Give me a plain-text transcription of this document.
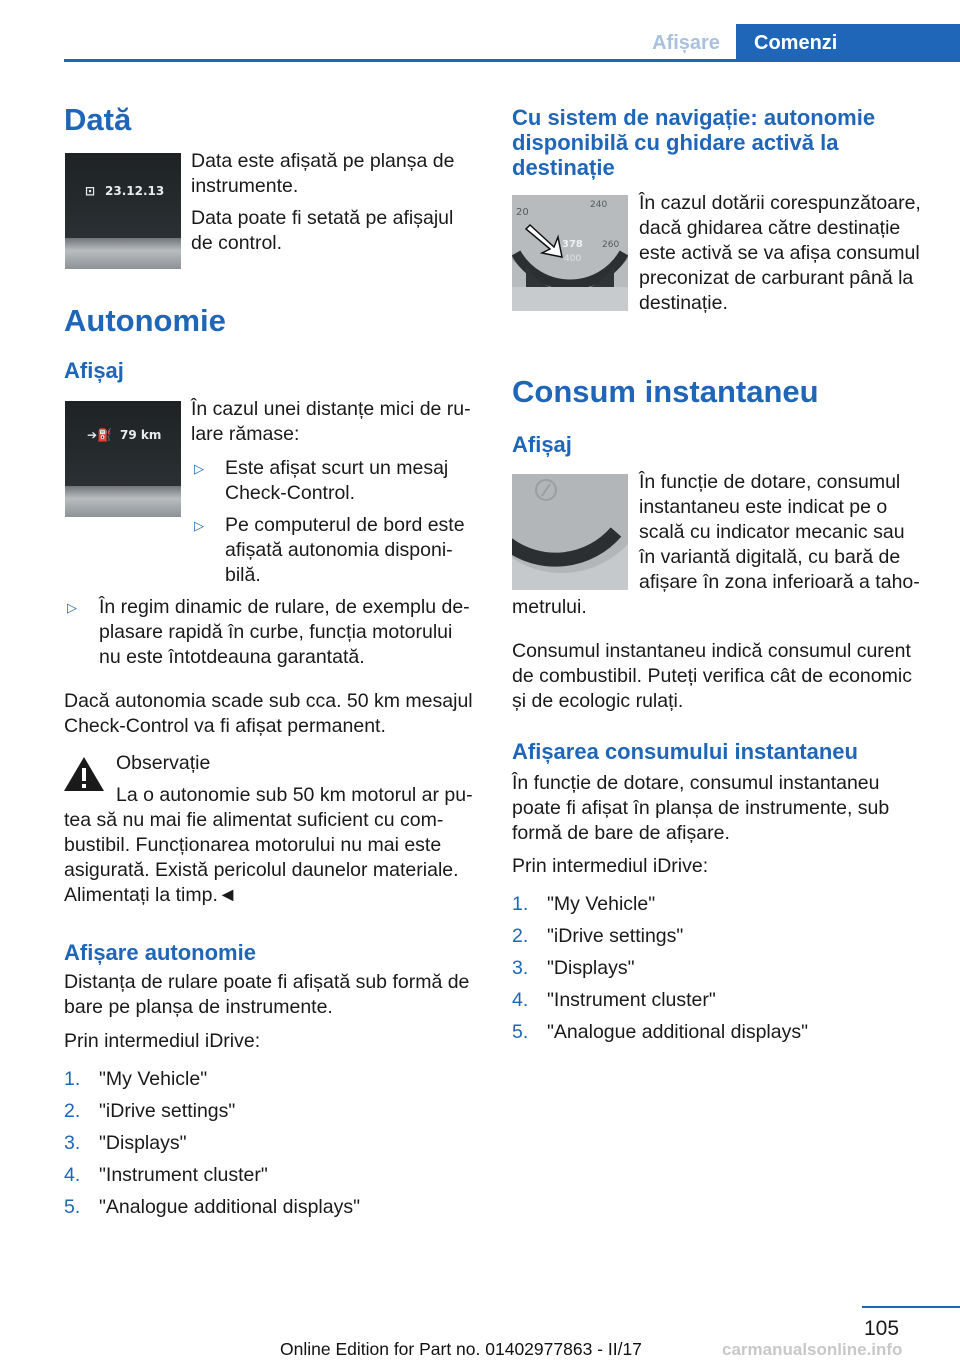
Afișare	Comenzi
Dată
⊡ 23.12.13
Data este afișată pe planșa de
instrumente.
Data poate fi setată pe afișajul
de control.
Autonomie
Afișaj
➔⛽ 79 km
În cazul unei distanțe mici de ru-
lare rămase:
▷ Este afișat scurt un mesaj
Check-Control.
▷ Pe computerul de bord este
afișată autonomia disponi-
bilă.
▷ În regim dinamic de rulare, de exemplu de-
plasare rapidă în curbe, funcția motorului
nu este întotdeauna garantată.
Dacă autonomia scade sub cca. 50 km mesajul
Check-Control va fi afișat permanent.
Observație
La o autonomie sub 50 km motorul ar pu-
tea să nu mai fie alimentat suficient cu com-
bustibil. Funcționarea motorului nu mai este
asigurată. Există pericolul daunelor materiale.
Alimentați la timp.◄
Afișare autonomie
Distanța de rulare poate fi afișată sub formă de
bare pe planșa de instrumente.
Prin intermediul iDrive:
1. "My Vehicle"
2. "iDrive settings"
3. "Displays"
4. "Instrument cluster"
5. "Analogue additional displays"
Cu sistem de navigație: autonomie
disponibilă cu ghidare activă la
destinație
20
240
260
378
400
În cazul dotării corespunzătoare,
dacă ghidarea către destinație
este activă se va afișa consumul
preconizat de carburant până la
destinație.
Consum instantaneu
Afișaj
În funcție de dotare, consumul
instantaneu este indicat pe o
scală cu indicator mecanic sau
în variantă digitală, cu bară de
afișare în zona inferioară a taho-
metrului.
Consumul instantaneu indică consumul curent
de combustibil. Puteți verifica cât de economic
și de ecologic rulați.
Afișarea consumului instantaneu
În funcție de dotare, consumul instantaneu
poate fi afișat în planșa de instrumente, sub
formă de bare de afișare.
Prin intermediul iDrive:
1. "My Vehicle"
2. "iDrive settings"
3. "Displays"
4. "Instrument cluster"
5. "Analogue additional displays"
105
Online Edition for Part no. 01402977863 - II/17	carmanualsonline.info
